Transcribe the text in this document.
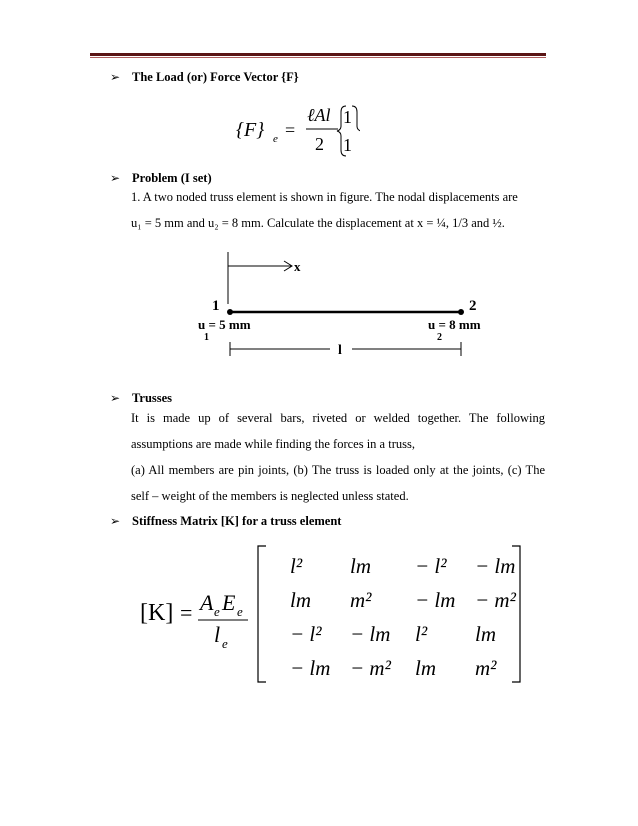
➢ The Load (or) Force Vector {F}
{F} e =
ℓAl
2
1
1
➢ Problem (I set)

1. A two noded truss element is shown in figure. The nodal displacements are

u₁ = 5 mm and u₂ = 8 mm. Calculate the displacement at x = ¼, 1/3 and ½.

x
1	2
u = 5 mm
1
u = 8 mm
2
l
➢ Trusses

It is made up of several bars, riveted or welded together. The following

assumptions are made while finding the forces in a truss,

(a) All members are pin joints, (b) The truss is loaded only at the joints, (c) The

self – weight of the members is neglected unless stated.

➢ Stiffness Matrix [K] for a truss element
[K] = A e E e
l e
l² lm − l² − lm
lm m² − lm − m²
− l² − lm l² lm
− lm − m² lm m²
